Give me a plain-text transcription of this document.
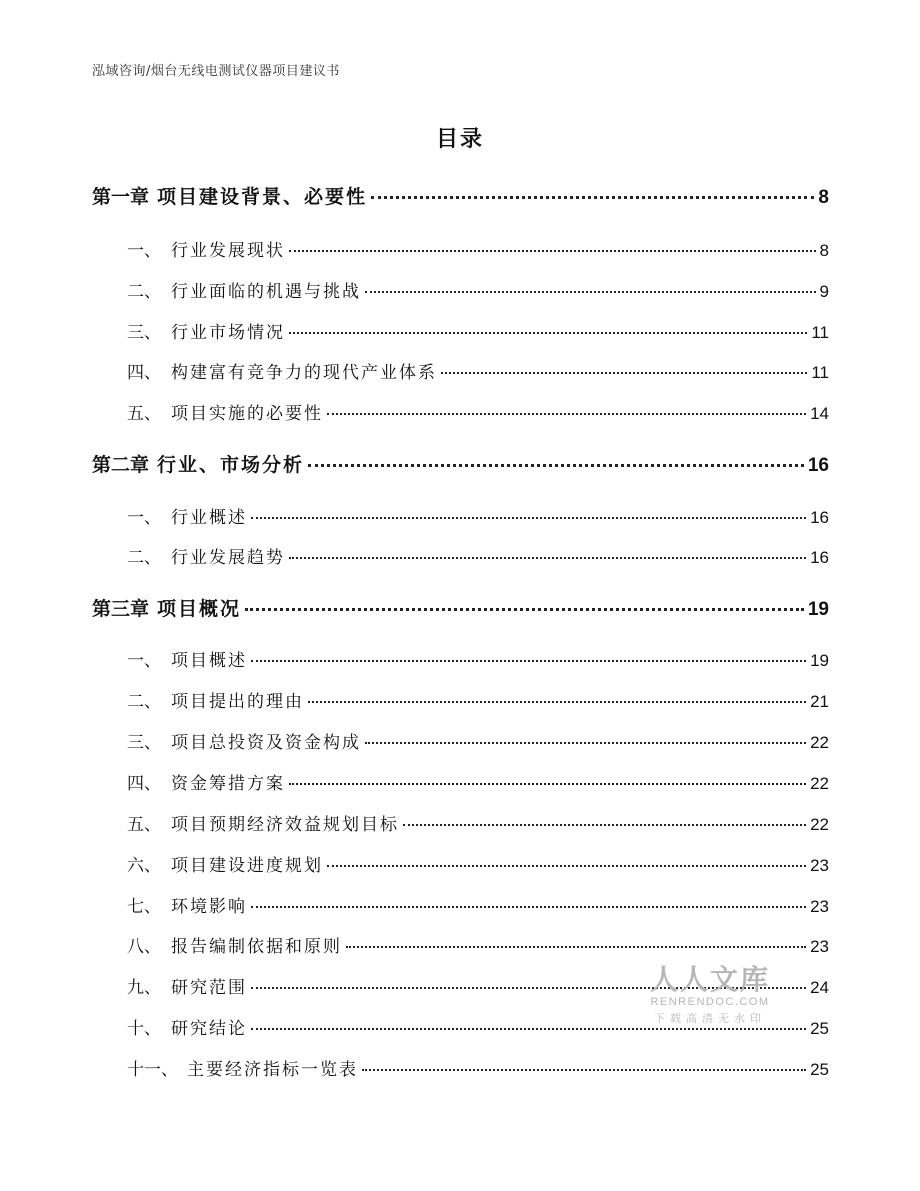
泓域咨询/烟台无线电测试仪器项目建议书
目录
第一章 项目建设背景、必要性	8
一、 行业发展现状	8
二、 行业面临的机遇与挑战	9
三、 行业市场情况	11
四、 构建富有竞争力的现代产业体系	11
五、 项目实施的必要性	14
第二章 行业、市场分析	16
一、 行业概述	16
二、 行业发展趋势	16
第三章 项目概况	19
一、 项目概述	19
二、 项目提出的理由	21
三、 项目总投资及资金构成	22
四、 资金筹措方案	22
五、 项目预期经济效益规划目标	22
六、 项目建设进度规划	23
七、 环境影响	23
八、 报告编制依据和原则	23
九、 研究范围	24
十、 研究结论	25
十一、 主要经济指标一览表	25
人人文库
RENRENDOC.COM
下载高清无水印
